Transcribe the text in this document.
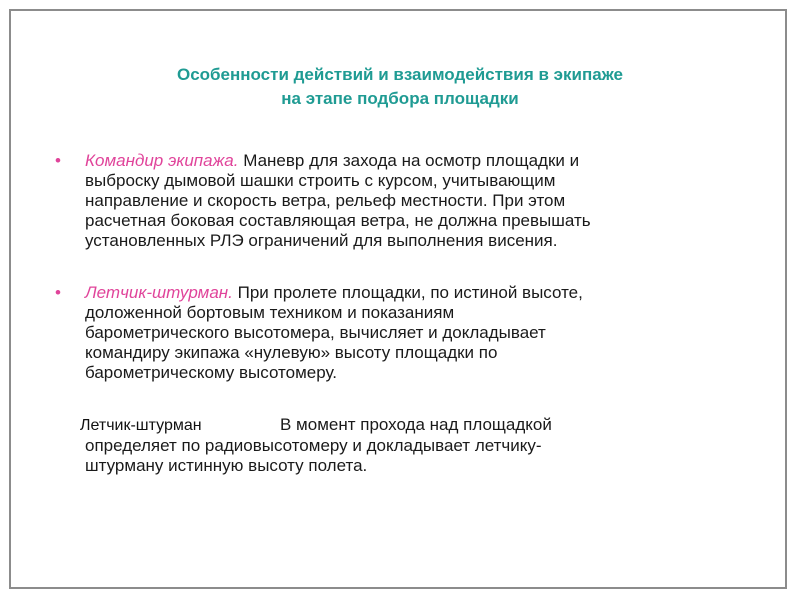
Особенности действий и взаимодействия в экипаже
на этапе подбора площадки
• Командир экипажа. Маневр для захода на осмотр площадки и
выброску дымовой шашки строить с курсом, учитывающим
направление и скорость ветра, рельеф местности. При этом
расчетная боковая составляющая ветра, не должна превышать
установленных РЛЭ ограничений для выполнения висения.
• Летчик-штурман. При пролете площадки, по истиной высоте,
доложенной бортовым техником и показаниям
барометрического высотомера, вычисляет и докладывает
командиру экипажа «нулевую» высоту площадки по
барометрическому высотомеру.
Летчик-штурман	В момент прохода над площадкой
определяет по радиовысотомеру и докладывает летчику-
штурману истинную высоту полета.
